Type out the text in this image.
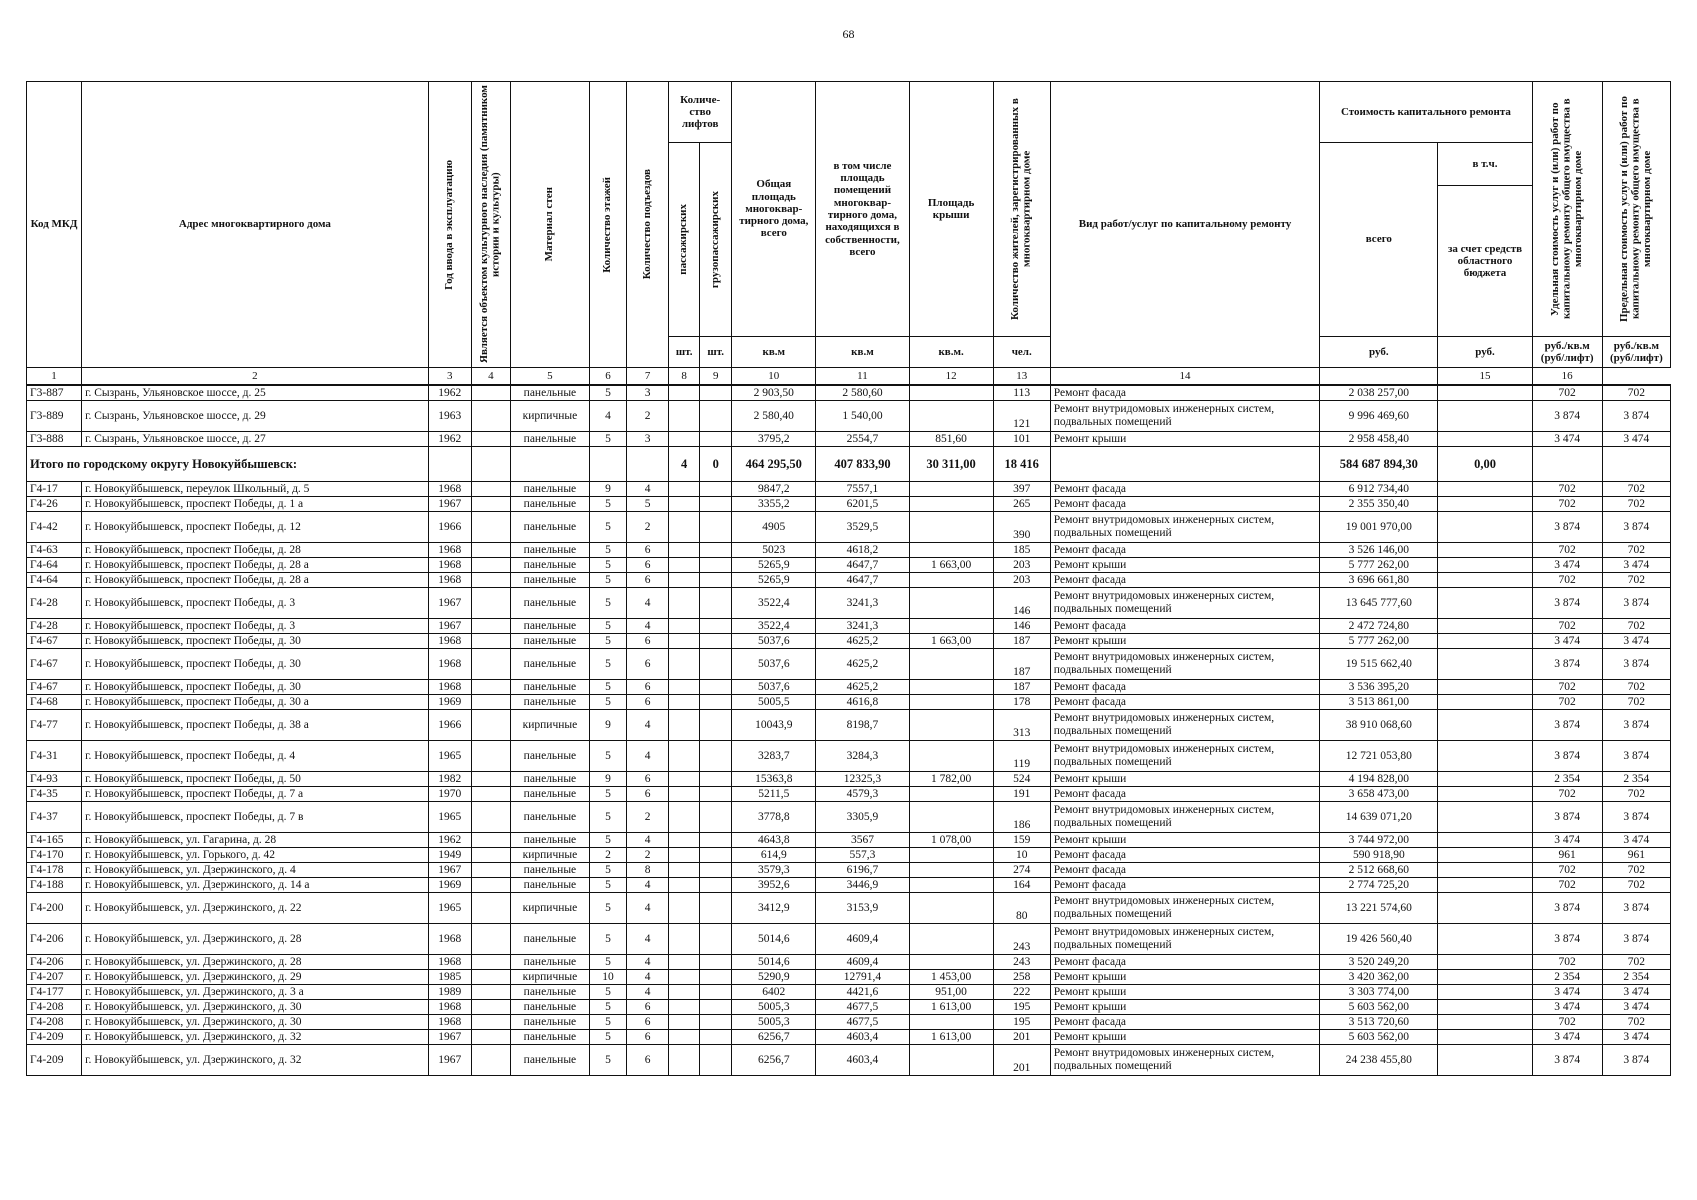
68
Код МКД	Адрес многоквартирного дома	Год ввода в эксплуатацию	Является объектом культурного наследия (памятником истории и культуры)	Материал стен	Количество этажей	Количество подъездов	Количе-ство лифтов		Общая площадь многоквар-тирного дома, всего	в том числе площадь помещений многоквар-тирного дома, находящихся в собственности, всего	Площадь крыши	Количество жителей, зарегистрированных в многоквартирном доме	Вид работ/услуг по капитальному ремонту	Стоимость капитального ремонта		Удельная стоимость услуг и (или) работ по капитальному ремонту общего имущества в многоквартирном доме	Предельная стоимость услуг и (или) работ по капитальному ремонту общего имущества в многоквартирном доме

							пассажирских	грузопассажирских						всего	в т.ч.		
															за счет средств областного бюджета		
							шт.	шт.	кв.м	кв.м	кв.м.	чел.		руб.	руб.	руб./кв.м (руб/лифт)	руб./кв.м (руб/лифт)
1	2	3	4	5	6	7	8	9	10	11	12	13	14		15	16
Г3-887	г. Сызрань, Ульяновское шоссе, д. 25	1962		панельные	5	3			2 903,50	2 580,60		113	Ремонт фасада	2 038 257,00		702	702
Г3-889	г. Сызрань, Ульяновское шоссе, д. 29	1963		кирпичные	4	2			2 580,40	1 540,00		121	Ремонт внутридомовых инженерных систем, подвальных помещений	9 996 469,60		3 874	3 874
Г3-888	г. Сызрань, Ульяновское шоссе, д. 27	1962		панельные	5	3			3795,2	2554,7	851,60	101	Ремонт крыши	2 958 458,40		3 474	3 474
Итого по городскому округу Новокуйбышевск:							4	0	464 295,50	407 833,90	30 311,00	18 416		584 687 894,30	0,00		
Г4-17	г. Новокуйбышевск, переулок Школьный, д. 5	1968		панельные	9	4			9847,2	7557,1		397	Ремонт фасада	6 912 734,40		702	702
Г4-26	г. Новокуйбышевск, проспект Победы, д. 1 а	1967		панельные	5	5			3355,2	6201,5		265	Ремонт фасада	2 355 350,40		702	702
Г4-42	г. Новокуйбышевск, проспект Победы, д. 12	1966		панельные	5	2			4905	3529,5		390	Ремонт внутридомовых инженерных систем, подвальных помещений	19 001 970,00		3 874	3 874
Г4-63	г. Новокуйбышевск, проспект Победы, д. 28	1968		панельные	5	6			5023	4618,2		185	Ремонт фасада	3 526 146,00		702	702
Г4-64	г. Новокуйбышевск, проспект Победы, д. 28 а	1968		панельные	5	6			5265,9	4647,7	1 663,00	203	Ремонт крыши	5 777 262,00		3 474	3 474
Г4-64	г. Новокуйбышевск, проспект Победы, д. 28 а	1968		панельные	5	6			5265,9	4647,7		203	Ремонт фасада	3 696 661,80		702	702
Г4-28	г. Новокуйбышевск, проспект Победы, д. 3	1967		панельные	5	4			3522,4	3241,3		146	Ремонт внутридомовых инженерных систем, подвальных помещений	13 645 777,60		3 874	3 874
Г4-28	г. Новокуйбышевск, проспект Победы, д. 3	1967		панельные	5	4			3522,4	3241,3		146	Ремонт фасада	2 472 724,80		702	702
Г4-67	г. Новокуйбышевск, проспект Победы, д. 30	1968		панельные	5	6			5037,6	4625,2	1 663,00	187	Ремонт крыши	5 777 262,00		3 474	3 474
Г4-67	г. Новокуйбышевск, проспект Победы, д. 30	1968		панельные	5	6			5037,6	4625,2		187	Ремонт внутридомовых инженерных систем, подвальных помещений	19 515 662,40		3 874	3 874
Г4-67	г. Новокуйбышевск, проспект Победы, д. 30	1968		панельные	5	6			5037,6	4625,2		187	Ремонт фасада	3 536 395,20		702	702
Г4-68	г. Новокуйбышевск, проспект Победы, д. 30 а	1969		панельные	5	6			5005,5	4616,8		178	Ремонт фасада	3 513 861,00		702	702
Г4-77	г. Новокуйбышевск, проспект Победы, д. 38 а	1966		кирпичные	9	4			10043,9	8198,7		313	Ремонт внутридомовых инженерных систем, подвальных помещений	38 910 068,60		3 874	3 874
Г4-31	г. Новокуйбышевск, проспект Победы, д. 4	1965		панельные	5	4			3283,7	3284,3		119	Ремонт внутридомовых инженерных систем, подвальных помещений	12 721 053,80		3 874	3 874
Г4-93	г. Новокуйбышевск, проспект Победы, д. 50	1982		панельные	9	6			15363,8	12325,3	1 782,00	524	Ремонт крыши	4 194 828,00		2 354	2 354
Г4-35	г. Новокуйбышевск, проспект Победы, д. 7 а	1970		панельные	5	6			5211,5	4579,3		191	Ремонт фасада	3 658 473,00		702	702
Г4-37	г. Новокуйбышевск, проспект Победы, д. 7 в	1965		панельные	5	2			3778,8	3305,9		186	Ремонт внутридомовых инженерных систем, подвальных помещений	14 639 071,20		3 874	3 874
Г4-165	г. Новокуйбышевск, ул. Гагарина, д. 28	1962		панельные	5	4			4643,8	3567	1 078,00	159	Ремонт крыши	3 744 972,00		3 474	3 474
Г4-170	г. Новокуйбышевск, ул. Горького, д. 42	1949		кирпичные	2	2			614,9	557,3		10	Ремонт фасада	590 918,90		961	961
Г4-178	г. Новокуйбышевск, ул. Дзержинского, д. 4	1967		панельные	5	8			3579,3	6196,7		274	Ремонт фасада	2 512 668,60		702	702
Г4-188	г. Новокуйбышевск, ул. Дзержинского, д. 14 а	1969		панельные	5	4			3952,6	3446,9		164	Ремонт фасада	2 774 725,20		702	702
Г4-200	г. Новокуйбышевск, ул. Дзержинского, д. 22	1965		кирпичные	5	4			3412,9	3153,9		80	Ремонт внутридомовых инженерных систем, подвальных помещений	13 221 574,60		3 874	3 874
Г4-206	г. Новокуйбышевск, ул. Дзержинского, д. 28	1968		панельные	5	4			5014,6	4609,4		243	Ремонт внутридомовых инженерных систем, подвальных помещений	19 426 560,40		3 874	3 874
Г4-206	г. Новокуйбышевск, ул. Дзержинского, д. 28	1968		панельные	5	4			5014,6	4609,4		243	Ремонт фасада	3 520 249,20		702	702
Г4-207	г. Новокуйбышевск, ул. Дзержинского, д. 29	1985		кирпичные	10	4			5290,9	12791,4	1 453,00	258	Ремонт крыши	3 420 362,00		2 354	2 354
Г4-177	г. Новокуйбышевск, ул. Дзержинского, д. 3 а	1989		панельные	5	4			6402	4421,6	951,00	222	Ремонт крыши	3 303 774,00		3 474	3 474
Г4-208	г. Новокуйбышевск, ул. Дзержинского, д. 30	1968		панельные	5	6			5005,3	4677,5	1 613,00	195	Ремонт крыши	5 603 562,00		3 474	3 474
Г4-208	г. Новокуйбышевск, ул. Дзержинского, д. 30	1968		панельные	5	6			5005,3	4677,5		195	Ремонт фасада	3 513 720,60		702	702
Г4-209	г. Новокуйбышевск, ул. Дзержинского, д. 32	1967		панельные	5	6			6256,7	4603,4	1 613,00	201	Ремонт крыши	5 603 562,00		3 474	3 474
Г4-209	г. Новокуйбышевск, ул. Дзержинского, д. 32	1967		панельные	5	6			6256,7	4603,4		201	Ремонт внутридомовых инженерных систем, подвальных помещений	24 238 455,80		3 874	3 874
